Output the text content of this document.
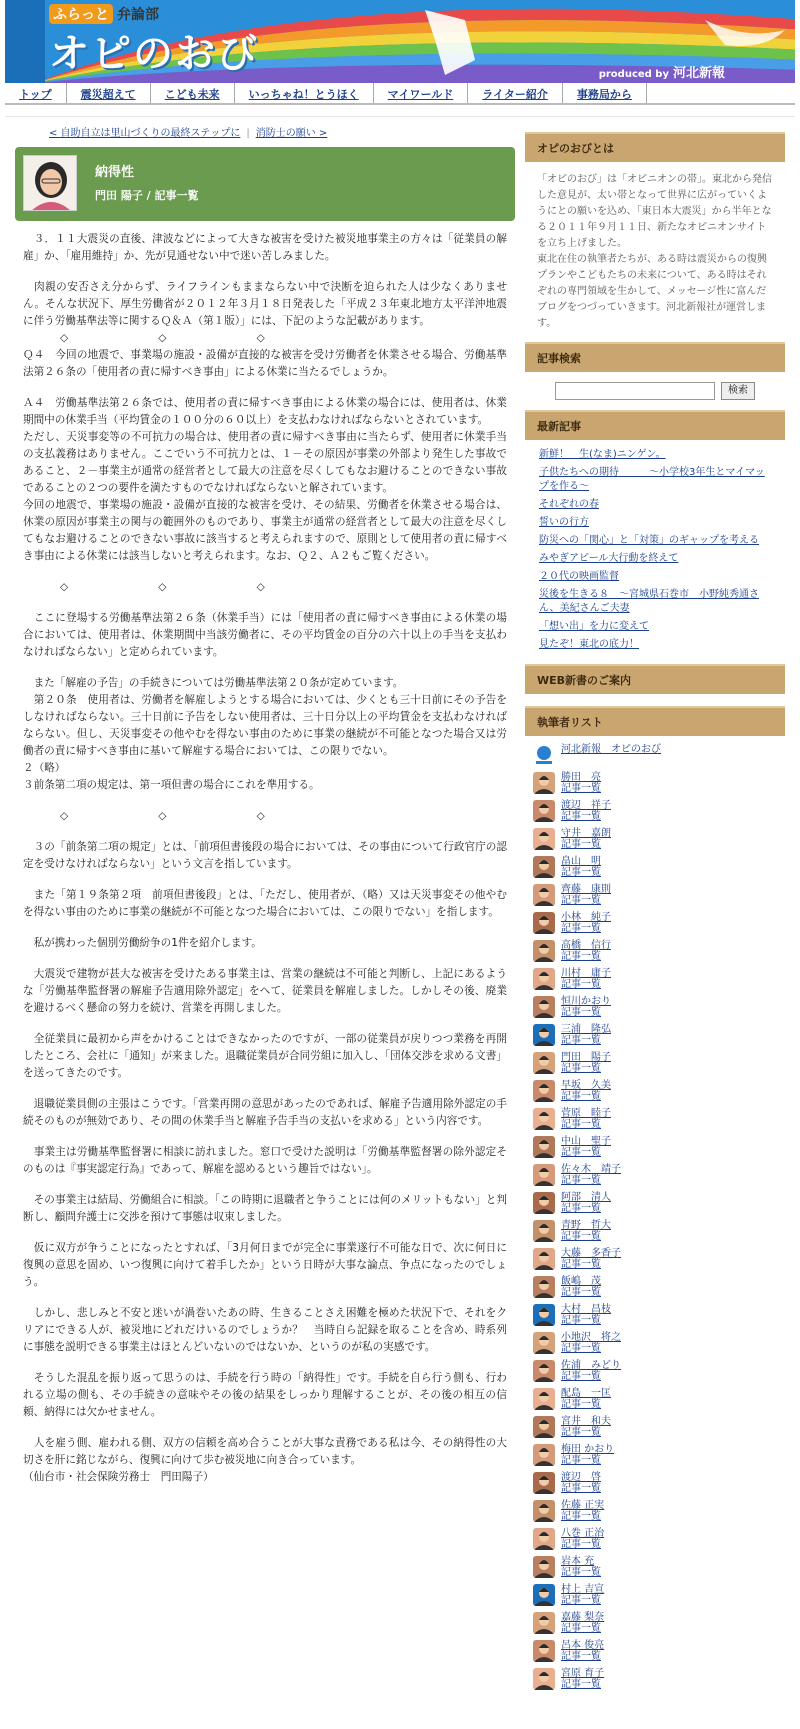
ふらっと 弁論部
オピのおび	produced by 河北新報
トップ	震災超えて	こども未来	いっちゃね！とうほく	マイワールド	ライター紹介	事務局から
< 自助自立は里山づくりの最終ステップに | 消防士の願い >
納得性
門田 陽子 / 記事一覧

　３．１１大震災の直後、津波などによって大きな被害を受けた被災地事業主の方々は「従業員の解雇」か、「雇用維持」か、先が見通せない中で迷い苦しみました。

　肉親の安否さえ分からず、ライフラインもままならない中で決断を迫られた人は少なくありません。そんな状況下、厚生労働省が２０１２年３月１８日発表した「平成２３年東北地方太平洋沖地震に伴う労働基準法等に関するＱ＆Ａ（第１版）」には、下記のような記載があります。

◇　　　　　　　◇　　　　　　　◇

Ｑ４　今回の地震で、事業場の施設・設備が直接的な被害を受け労働者を休業させる場合、労働基準法第２６条の「使用者の責に帰すべき事由」による休業に当たるでしょうか。

Ａ４　労働基準法第２６条では、使用者の責に帰すべき事由による休業の場合には、使用者は、休業期間中の休業手当（平均賃金の１００分の６０以上）を支払わなければならないとされています。

ただし、天災事変等の不可抗力の場合は、使用者の責に帰すべき事由に当たらず、使用者に休業手当の支払義務はありません。ここでいう不可抗力とは、１－その原因が事業の外部より発生した事故であること、２－事業主が通常の経営者として最大の注意を尽くしてもなお避けることのできない事故であることの２つの要件を満たすものでなければならないと解されています。

今回の地震で、事業場の施設・設備が直接的な被害を受け、その結果、労働者を休業させる場合は、休業の原因が事業主の関与の範囲外のものであり、事業主が通常の経営者として最大の注意を尽くしてもなお避けることのできない事故に該当すると考えられますので、原則として使用者の責に帰すべき事由による休業には該当しないと考えられます。なお、Ｑ２、Ａ２もご覧ください。

◇　　　　　　　◇　　　　　　　◇

　ここに登場する労働基準法第２６条（休業手当）には「使用者の責に帰すべき事由による休業の場合においては、使用者は、休業期間中当該労働者に、その平均賃金の百分の六十以上の手当を支払わなければならない」と定められています。

　また「解雇の予告」の手続きについては労働基準法第２０条が定めています。

　第２０条　使用者は、労働者を解雇しようとする場合においては、少くとも三十日前にその予告をしなければならない。三十日前に予告をしない使用者は、三十日分以上の平均賃金を支払わなければならない。但し、天災事変その他やむを得ない事由のために事業の継続が不可能となつた場合又は労働者の責に帰すべき事由に基いて解雇する場合においては、この限りでない。

２（略）

３前条第二項の規定は、第一項但書の場合にこれを準用する。

◇　　　　　　　◇　　　　　　　◇

　３の「前条第二項の規定」とは、「前項但書後段の場合においては、その事由について行政官庁の認定を受けなければならない」という文言を指しています。

　また「第１９条第２項　前項但書後段」とは、「ただし、使用者が、（略）又は天災事変その他やむを得ない事由のために事業の継続が不可能となつた場合においては、この限りでない」を指します。

　私が携わった個別労働紛争の1件を紹介します。

　大震災で建物が甚大な被害を受けたある事業主は、営業の継続は不可能と判断し、上記にあるような「労働基準監督署の解雇予告適用除外認定」をへて、従業員を解雇しました。しかしその後、廃業を避けるべく懸命の努力を続け、営業を再開しました。

　全従業員に最初から声をかけることはできなかったのですが、一部の従業員が戻りつつ業務を再開したところ、会社に「通知」が来ました。退職従業員が合同労組に加入し、「団体交渉を求める文書」を送ってきたのです。

　退職従業員側の主張はこうです。「営業再開の意思があったのであれば、解雇予告適用除外認定の手続そのものが無効であり、その間の休業手当と解雇予告手当の支払いを求める」という内容です。

　事業主は労働基準監督署に相談に訪れました。窓口で受けた説明は「労働基準監督署の除外認定そのものは『事実認定行為』であって、解雇を認めるという趣旨ではない」。

　その事業主は結局、労働組合に相談。「この時期に退職者と争うことには何のメリットもない」と判断し、顧問弁護士に交渉を預けて事態は収束しました。

　仮に双方が争うことになったとすれば、「3月何日までが完全に事業遂行不可能な日で、次に何日に復興の意思を固め、いつ復興に向けて着手したか」という日時が大事な論点、争点になったのでしょう。

　しかし、悲しみと不安と迷いが渦巻いたあの時、生きることさえ困難を極めた状況下で、それをクリアにできる人が、被災地にどれだけいるのでしょうか？　当時自ら記録を取ることを含め、時系列に事態を説明できる事業主はほとんどいないのではないか、というのが私の実感です。

　そうした混乱を振り返って思うのは、手続を行う時の「納得性」です。手続を自ら行う側も、行われる立場の側も、その手続きの意味やその後の結果をしっかり理解することが、その後の相互の信頼、納得には欠かせません。

　人を雇う側、雇われる側、双方の信頼を高め合うことが大事な責務である私は今、その納得性の大切さを肝に銘じながら、復興に向けて歩む被災地に向き合っています。

（仙台市・社会保険労務士　門田陽子）

オピのおびとは
「オピのおび」は「オピニオンの帯」。東北から発信した意見が、太い帯となって世界に広がっていくようにとの願いを込め、「東日本大震災」から半年となる２０１１年９月１１日、新たなオピニオンサイトを立ち上げました。
東北在住の執筆者たちが、ある時は震災からの復興プランやこどもたちの未来について、ある時はそれぞれの専門領域を生かして、メッセージ性に富んだブログをつづっていきます。河北新報社が運営します。
記事検索
検索
最新記事
新鮮！　生(なま)ニンゲン。
子供たちへの期待　　　〜小学校3年生とマイマップを作る〜
それぞれの春
誓いの行方
防災への「関心」と「対策」のギャップを考える
みやぎアピール大行動を終えて
２０代の映画監督
災後を生きる８　〜宮城県石巻市　小野純秀通さん、美紀さんご夫妻
「想い出」を力に変えて
見たぞ！東北の底力！
WEB新書のご案内
執筆者リスト
河北新報　オピのおび
勝田　亮
記事一覧
渡辺　祥子
記事一覧
守井　嘉朗
記事一覧
畠山　明
記事一覧
齊藤　康則
記事一覧
小林　純子
記事一覧
高橋　信行
記事一覧
川村　庸子
記事一覧
恒川かおり
記事一覧
三浦　隆弘
記事一覧
門田　陽子
記事一覧
早坂　久美
記事一覧
菅原　睦子
記事一覧
中山　聖子
記事一覧
佐々木　靖子
記事一覧
阿部　清人
記事一覧
青野　哲大
記事一覧
大藤　多香子
記事一覧
飯嶋　茂
記事一覧
大村　昌枝
記事一覧
小地沢　将之
記事一覧
佐浦　みどり
記事一覧
配島　一匡
記事一覧
宮井　和夫
記事一覧
梅田 かおり
記事一覧
渡辺　啓
記事一覧
佐藤 正実
記事一覧
八巻 正治
記事一覧
岩本 充
記事一覧
村上 吉宣
記事一覧
嘉藤 梨奈
記事一覧
呂本 俊亮
記事一覧
宮原 育子
記事一覧
